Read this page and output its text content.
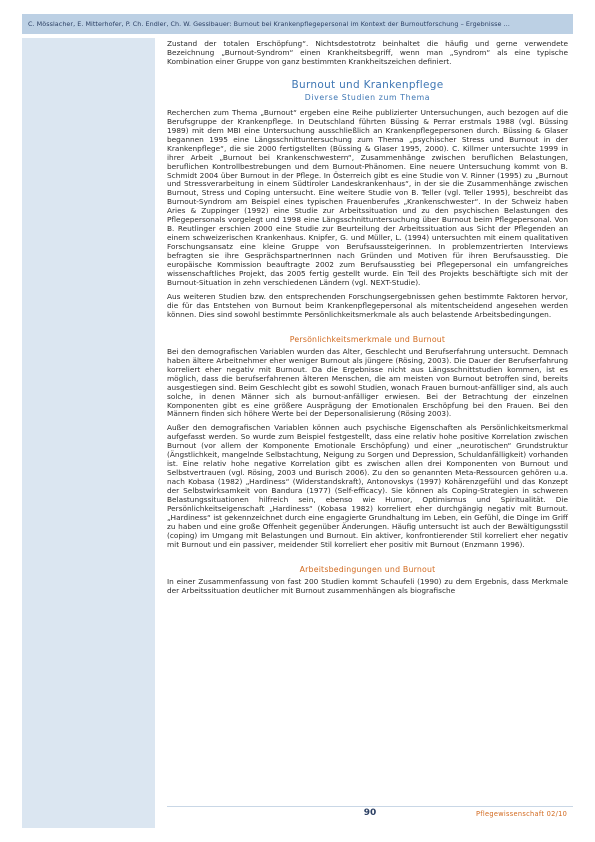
C. Mösslacher, E. Mitterhofer, P. Ch. Endler, Ch. W. Gesslbauer: Burnout bei Krankenpflegepersonal im Kontext der Burnoutforschung – Ergebnisse …

Zustand der totalen Erschöpfung“. Nichtsdestotrotz beinhaltet die häufig und gerne verwendete Bezeichnung „Burnout-Syndrom“ einen Krankheitsbegriff, wenn man „Syndrom“ als eine typische Kombination einer Gruppe von ganz bestimmten Krankheitszeichen definiert.

Burnout und Krankenpflege
Diverse Studien zum Thema

Recherchen zum Thema „Burnout“ ergeben eine Reihe publizierter Untersuchungen, auch bezogen auf die Berufsgruppe der Krankenpflege. In Deutschland führten Büssing & Perrar erstmals 1988 (vgl. Büssing 1989) mit dem MBI eine Untersuchung ausschließlich an Krankenpflegepersonen durch. Büssing & Glaser begannen 1995 eine Längsschnittuntersuchung zum Thema „psychischer Stress und Burnout in der Krankenpflege“, die sie 2000 fertigstellten (Büssing & Glaser 1995, 2000). C. Killmer untersuchte 1999 in ihrer Arbeit „Burnout bei Krankenschwestern“, Zusammenhänge zwischen beruflichen Belastungen, beruflichen Kontrollbestrebungen und dem Burnout-Phänomen. Eine neuere Untersuchung kommt von B. Schmidt 2004 über Burnout in der Pflege. In Österreich gibt es eine Studie von V. Rinner (1995) zu „Burnout und Stressverarbeitung in einem Südtiroler Landeskrankenhaus“, in der sie die Zusammenhänge zwischen Burnout, Stress und Coping untersucht. Eine weitere Studie von B. Teller (vgl. Teller 1995), beschreibt das Burnout-Syndrom am Beispiel eines typischen Frauenberufes „Krankenschwester“. In der Schweiz haben Aries & Zuppinger (1992) eine Studie zur Arbeitssituation und zu den psychischen Belastungen des Pflegepersonals vorgelegt und 1998 eine Längsschnittuntersuchung über Burnout beim Pflegepersonal. Von B. Reutlinger erschien 2000 eine Studie zur Beurteilung der Arbeitssituation aus Sicht der Pflegenden an einem schweizerischen Krankenhaus. Knipfer, G. und Müller, L. (1994) untersuchten mit einem qualitativen Forschungsansatz eine kleine Gruppe von Berufsaussteigerinnen. In problemzentrierten Interviews befragten sie ihre GesprächspartnerInnen nach Gründen und Motiven für ihren Berufsausstieg. Die europäische Kommission beauftragte 2002 zum Berufsausstieg bei Pflegepersonal ein umfangreiches wissenschaftliches Projekt, das 2005 fertig gestellt wurde. Ein Teil des Projekts beschäftigte sich mit der Burnout-Situation in zehn verschiedenen Ländern (vgl. NEXT-Studie).

Aus weiteren Studien bzw. den entsprechenden Forschungsergebnissen gehen bestimmte Faktoren hervor, die für das Entstehen von Burnout beim Krankenpflegepersonal als mitentscheidend angesehen werden können. Dies sind sowohl bestimmte Persönlichkeitsmerkmale als auch belastende Arbeitsbedingungen.

Persönlichkeitsmerkmale und Burnout

Bei den demografischen Variablen wurden das Alter, Geschlecht und Berufserfahrung untersucht. Demnach haben ältere Arbeitnehmer eher weniger Burnout als jüngere (Rösing, 2003). Die Dauer der Berufserfahrung korreliert eher negativ mit Burnout. Da die Ergebnisse nicht aus Längsschnittstudien kommen, ist es möglich, dass die berufserfahrenen älteren Menschen, die am meisten von Burnout betroffen sind, bereits ausgestiegen sind. Beim Geschlecht gibt es sowohl Studien, wonach Frauen burnout-anfälliger sind, als auch solche, in denen Männer sich als burnout-anfälliger erwiesen. Bei der Betrachtung der einzelnen Komponenten gibt es eine größere Ausprägung der Emotionalen Erschöpfung bei den Frauen. Bei den Männern finden sich höhere Werte bei der Depersonalisierung (Rösing 2003).

Außer den demografischen Variablen können auch psychische Eigenschaften als Persönlichkeitsmerkmal aufgefasst werden. So wurde zum Beispiel festgestellt, dass eine relativ hohe positive Korrelation zwischen Burnout (vor allem der Komponente Emotionale Erschöpfung) und einer „neurotischen“ Grundstruktur (Ängstlichkeit, mangelnde Selbstachtung, Neigung zu Sorgen und Depression, Schuldanfälligkeit) vorhanden ist. Eine relativ hohe negative Korrelation gibt es zwischen allen drei Komponenten von Burnout und Selbstvertrauen (vgl. Rösing, 2003 und Burisch 2006). Zu den so genannten Meta-Ressourcen gehören u.a. nach Kobasa (1982) „Hardiness“ (Widerstandskraft), Antonovskys (1997) Kohärenzgefühl und das Konzept der Selbstwirksamkeit von Bandura (1977) (Self-efficacy). Sie können als Coping-Strategien in schweren Belastungssituationen hilfreich sein, ebenso wie Humor, Optimismus und Spiritualität. Die Persönlichkeitseigenschaft „Hardiness“ (Kobasa 1982) korreliert eher durchgängig negativ mit Burnout. „Hardiness“ ist gekennzeichnet durch eine engagierte Grundhaltung im Leben, ein Gefühl, die Dinge im Griff zu haben und eine große Offenheit gegenüber Änderungen. Häufig untersucht ist auch der Bewältigungsstil (coping) im Umgang mit Belastungen und Burnout. Ein aktiver, konfrontierender Stil korreliert eher negativ mit Burnout und ein passiver, meidender Stil korreliert eher positiv mit Burnout (Enzmann 1996).

Arbeitsbedingungen und Burnout

In einer Zusammenfassung von fast 200 Studien kommt Schaufeli (1990) zu dem Ergebnis, dass Merkmale der Arbeitssituation deutlicher mit Burnout zusammenhängen als biografische

90	Pflegewissenschaft 02/10
